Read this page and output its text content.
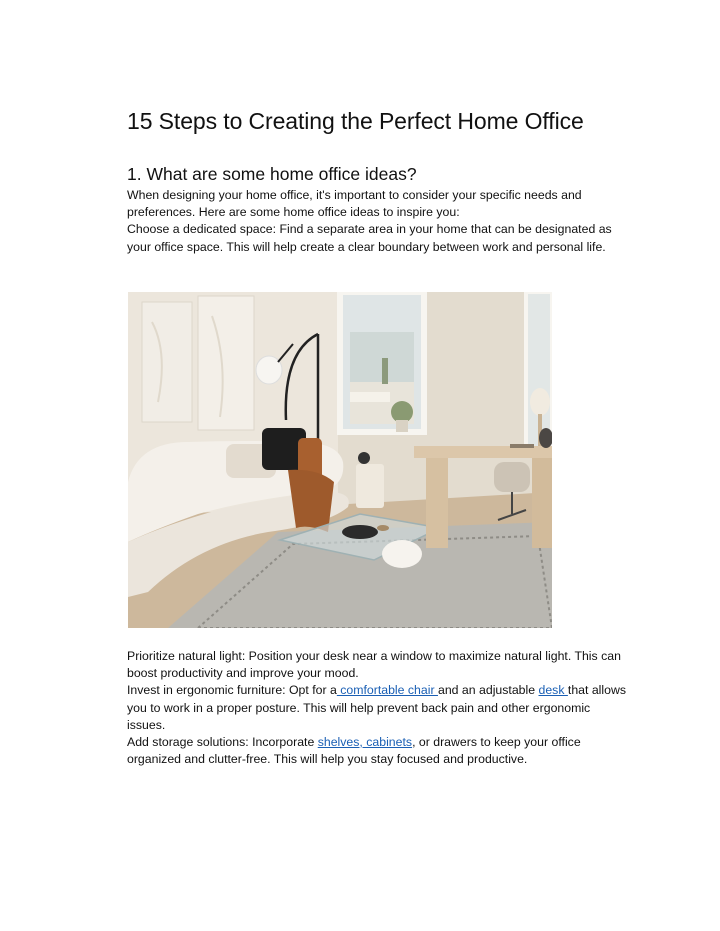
15 Steps to Creating the Perfect Home Office
1. What are some home office ideas?

When designing your home office, it's important to consider your specific needs and preferences. Here are some home office ideas to inspire you:

Choose a dedicated space: Find a separate area in your home that can be designated as your office space. This will help create a clear boundary between work and personal life.

Prioritize natural light: Position your desk near a window to maximize natural light. This can boost productivity and improve your mood.

Invest in ergonomic furniture: Opt for a comfortable chair and an adjustable desk that allows you to work in a proper posture. This will help prevent back pain and other ergonomic issues.

Add storage solutions: Incorporate shelves, cabinets, or drawers to keep your office organized and clutter-free. This will help you stay focused and productive.
